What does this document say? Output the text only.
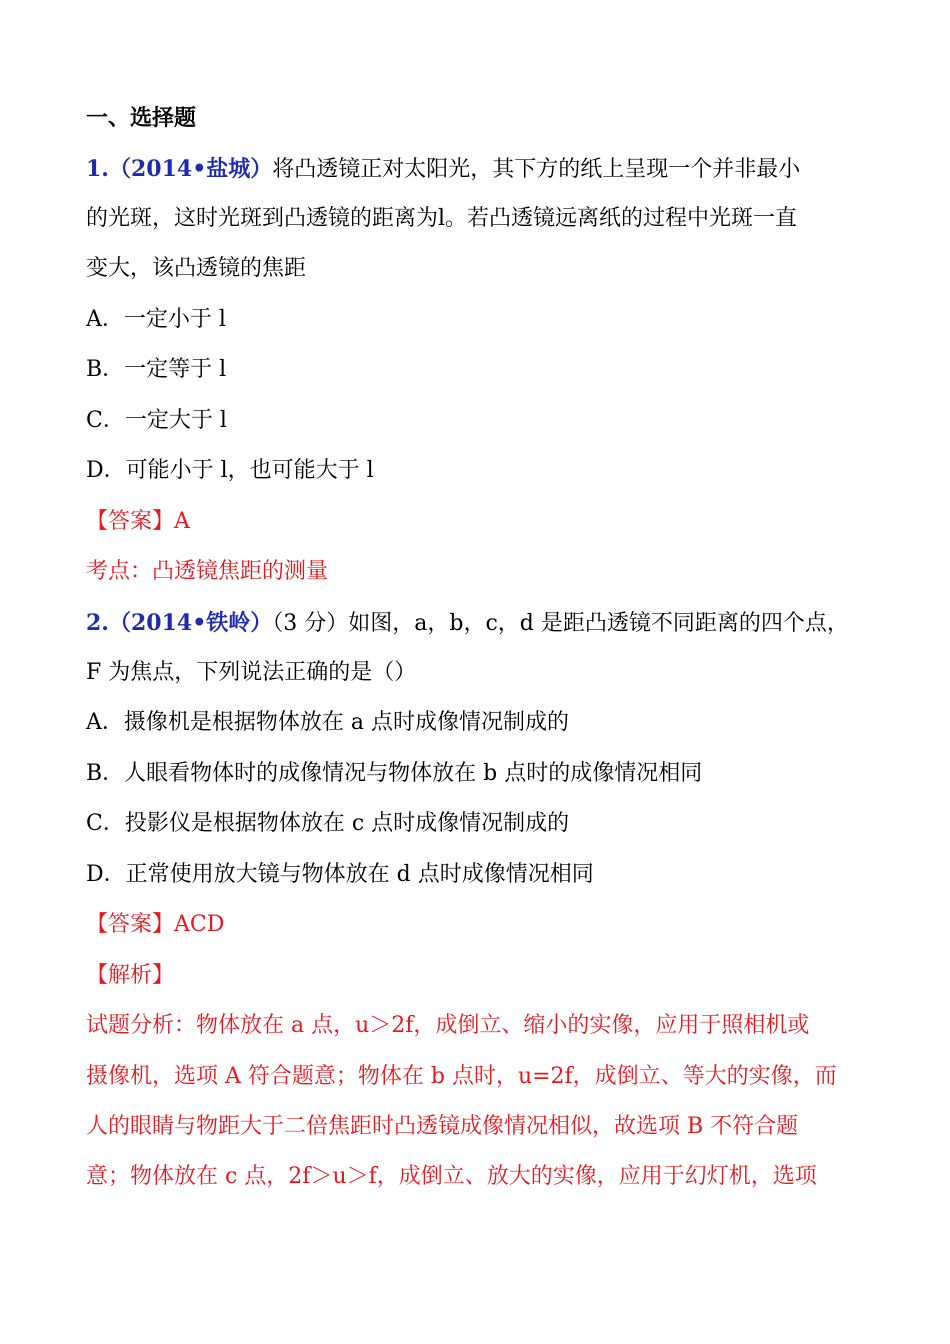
一、选择题
1.（2014•盐城）将凸透镜正对太阳光，其下方的纸上呈现一个并非最小
的光斑，这时光斑到凸透镜的距离为l。若凸透镜远离纸的过程中光斑一直
变大，该凸透镜的焦距
A．一定小于 l
B．一定等于 l
C．一定大于 l
D．可能小于 l，也可能大于 l
【答案】A
考点：凸透镜焦距的测量
2.（2014•铁岭）（3 分）如图，a，b，c，d 是距凸透镜不同距离的四个点，
F 为焦点，下列说法正确的是（）
A．摄像机是根据物体放在 a 点时成像情况制成的
B．人眼看物体时的成像情况与物体放在 b 点时的成像情况相同
C．投影仪是根据物体放在 c 点时成像情况制成的
D．正常使用放大镜与物体放在 d 点时成像情况相同
【答案】ACD
【解析】
试题分析：物体放在 a 点，u＞2f，成倒立、缩小的实像，应用于照相机或
摄像机，选项 A 符合题意；物体在 b 点时，u=2f，成倒立、等大的实像，而
人的眼睛与物距大于二倍焦距时凸透镜成像情况相似，故选项 B 不符合题
意；物体放在 c 点，2f＞u＞f，成倒立、放大的实像，应用于幻灯机，选项
